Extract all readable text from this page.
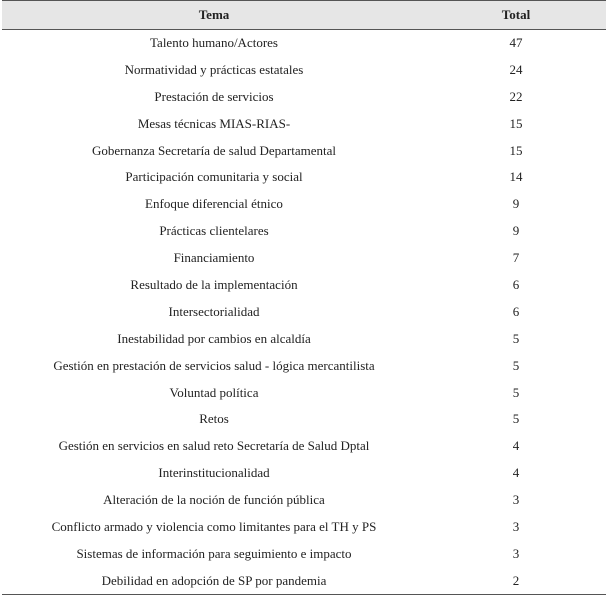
Tema	Total
Talento humano/Actores	47
Normatividad y prácticas estatales	24
Prestación de servicios	22
Mesas técnicas MIAS-RIAS-	15
Gobernanza Secretaría de salud Departamental	15
Participación comunitaria y social	14
Enfoque diferencial étnico	9
Prácticas clientelares	9
Financiamiento	7
Resultado de la implementación	6
Intersectorialidad	6
Inestabilidad por cambios en alcaldía	5
Gestión en prestación de servicios salud - lógica mercantilista	5
Voluntad política	5
Retos	5
Gestión en servicios en salud reto Secretaría de Salud Dptal	4
Interinstitucionalidad	4
Alteración de la noción de función pública	3
Conflicto armado y violencia como limitantes para el TH y PS	3
Sistemas de información para seguimiento e impacto	3
Debilidad en adopción de SP por pandemia	2
